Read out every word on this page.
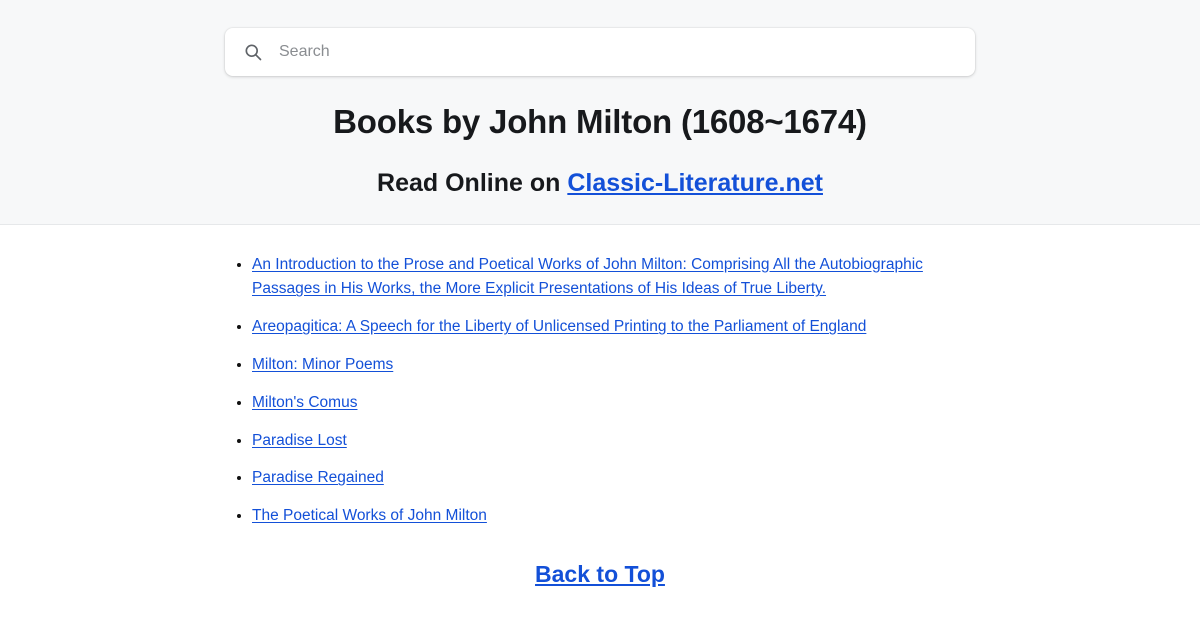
Search
Books by John Milton (1608~1674)
Read Online on Classic-Literature.net
• An Introduction to the Prose and Poetical Works of John Milton: Comprising All the Autobiographic Passages in His Works, the More Explicit Presentations of His Ideas of True Liberty.
• Areopagitica: A Speech for the Liberty of Unlicensed Printing to the Parliament of England
• Milton: Minor Poems
• Milton's Comus
• Paradise Lost
• Paradise Regained
• The Poetical Works of John Milton
Back to Top
